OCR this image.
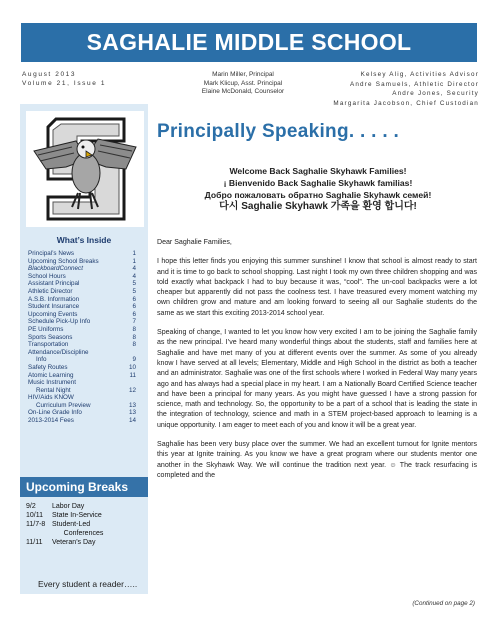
SAGHALIE MIDDLE SCHOOL
August 2013
Volume 21, Issue 1
Marin Miller, Principal
Mark Klicup, Asst. Principal
Elaine McDonald, Counselor
Kelsey Alig, Activities Advisor
Andre Samuels, Athletic Director
Andre Jones, Security
Margarita Jacobson, Chief Custodian
What’s Inside
Principal’s News	1
Upcoming School Breaks	1
BlackboardConnect	4
School Hours	4
Assistant Principal	5
Athletic Director	5
A.S.B. Information	6
Student Insurance	6
Upcoming Events	6
Schedule Pick-Up Info	7
PE Uniforms	8
Sports Seasons	8
Transportation	8
Attendance/Discipline
Info	9
Safety Routes	10
Atomic Learning	11
Music Instrument
Rental Night	12
HIV/Aids KNOW
Curriculum Preview	13
On-Line Grade Info	13
2013-2014 Fees	14
Upcoming Breaks
9/2	Labor Day
10/11	State In-Service
11/7-8 Student-Led
Conferences
11/11	Veteran’s Day
Every student a reader…..
Principally Speaking. . . . .
Welcome Back Saghalie Skyhawk Families!
¡ Bienvenido Back Saghalie Skyhawk familias!
Добро пожаловать обратно Saghalie Skyhawk семей!
다시 Saghalie Skyhawk 가족을 환영 합니다!

Dear Saghalie Families,

I hope this letter finds you enjoying this summer sunshine! I know that school is almost ready to start and it is time to go back to school shopping. Last night I took my own three children shopping and was told exactly what backpack I had to buy because it was, “cool”. The un-cool backpacks were a lot cheaper but apparently did not pass the coolness test. I have treasured every moment watching my own children grow and mature and am looking forward to seeing all our Saghalie students do the same as we start this exciting 2013-2014 school year.

Speaking of change, I wanted to let you know how very excited I am to be joining the Saghalie family as the new principal. I’ve heard many wonderful things about the students, staff and families here at Saghalie and have met many of you at different events over the summer. As some of you already know I have served at all levels; Elementary, Middle and High School in the district as both a teacher and an administrator. Saghalie was one of the first schools where I worked in Federal Way many years ago and has always had a special place in my heart. I am a Nationally Board Certified Science teacher and have been a principal for many years. As you might have guessed I have a strong passion for science, math and technology. So, the opportunity to be a part of a school that is leading the state in the integration of technology, science and math in a STEM project-based approach to learning is a unique opportunity. I am eager to meet each of you and know it will be a great year.

Saghalie has been very busy place over the summer. We had an excellent turnout for Ignite mentors this year at Ignite training. As you know we have a great program where our students mentor one another in the Skyhawk Way. We will continue the tradition next year. ☺ The track resurfacing is completed and the

(Continued on page 2)
